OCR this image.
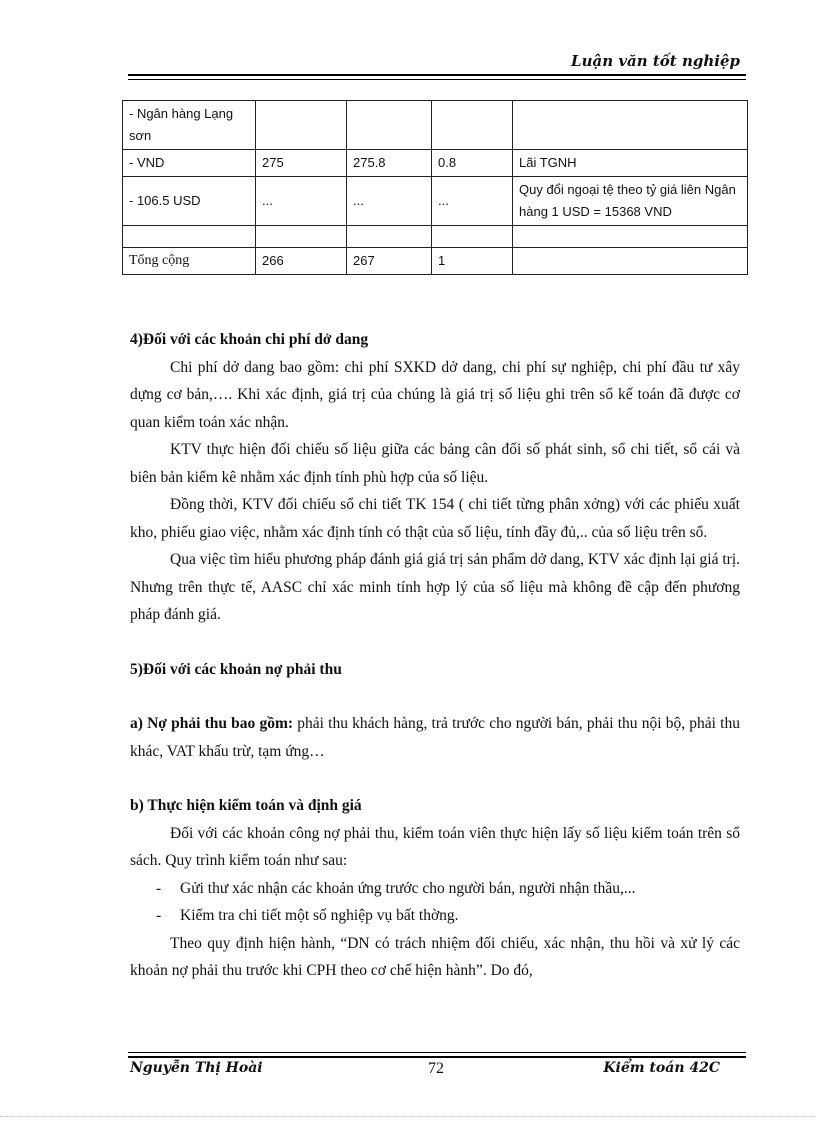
Luận văn tốt nghiệp
- Ngân hàng Lạng sơn				
- VND	275	275.8	0.8	Lãi TGNH
- 106.5 USD	...	...	...	Quy đổi ngoại tệ theo tỷ giá liên Ngân hàng 1 USD = 15368 VND

Tổng cộng	266	267	1	
4)Đối với các khoản chi phí dở dang

Chi phí dở dang bao gồm: chi phí SXKD dở dang, chi phí sự nghiệp, chi phí đầu tư xây dựng cơ bản,…. Khi xác định, giá trị của chúng là giá trị số liệu ghi trên sổ kế toán đã được cơ quan kiểm toán xác nhận.

KTV thực hiện đối chiếu số liệu giữa các bảng cân đối số phát sinh, sổ chi tiết, sổ cái và biên bản kiểm kê nhằm xác định tính phù hợp của số liệu.

Đồng thời, KTV đối chiếu sổ chi tiết TK 154 ( chi tiết từng phân xởng) với các phiếu xuất kho, phiếu giao việc, nhằm xác định tính có thật của số liệu, tính đầy đủ,.. của số liệu trên sổ.

Qua việc tìm hiểu phương pháp đánh giá giá trị sản phẩm dở dang, KTV xác định lại giá trị. Nhưng trên thực tế, AASC chỉ xác minh tính hợp lý của số liệu mà không đề cập đến phương pháp đánh giá.

5)Đối với các khoản nợ phải thu

a) Nợ phải thu bao gồm: phải thu khách hàng, trả trước cho người bán, phải thu nội bộ, phải thu khác, VAT khấu trừ, tạm ứng…

b) Thực hiện kiểm toán và định giá

Đối với các khoản công nợ phải thu, kiểm toán viên thực hiện lấy số liệu kiểm toán trên sổ sách. Quy trình kiểm toán như sau:

- Gửi thư xác nhận các khoản ứng trước cho người bán, người nhận thầu,...

- Kiểm tra chi tiết một số nghiệp vụ bất thờng.

Theo quy định hiện hành, “DN có trách nhiệm đối chiếu, xác nhận, thu hồi và xử lý các khoản nợ phải thu trước khi CPH theo cơ chế hiện hành”. Do đó,

Nguyễn Thị Hoài	72	Kiểm toán 42C
